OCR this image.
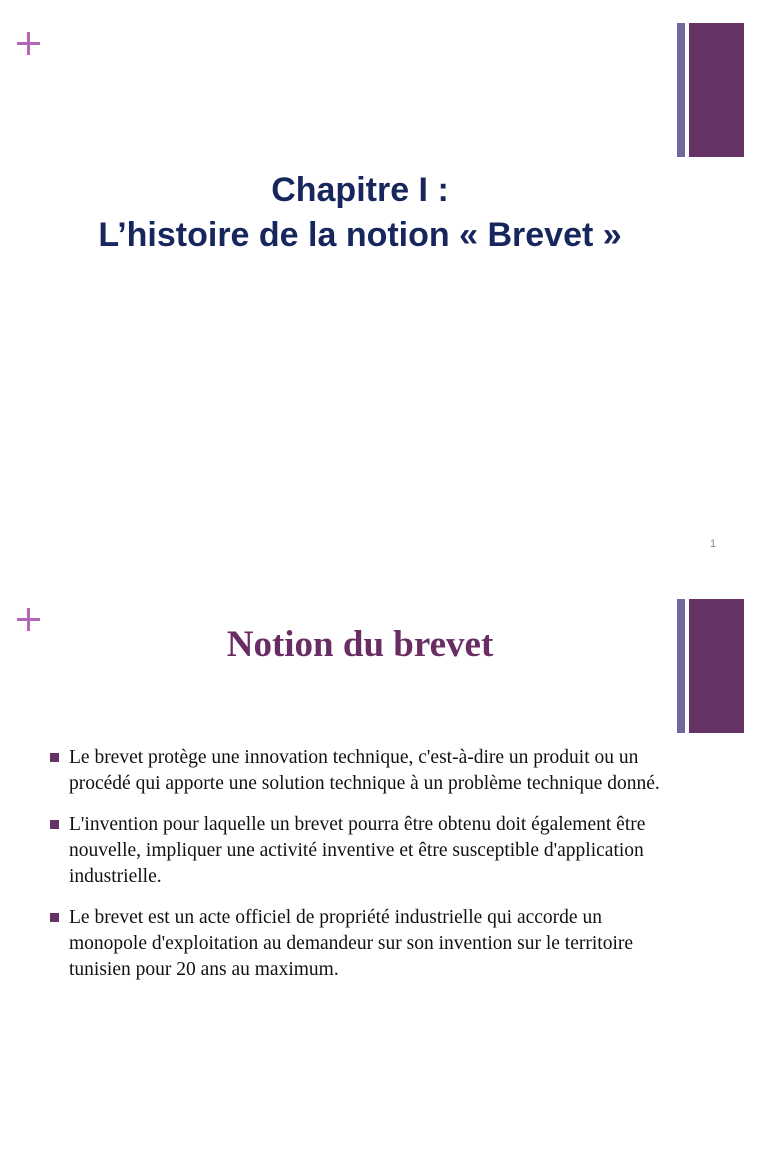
Chapitre I :
L’histoire de la notion « Brevet »
1
Notion du brevet
Le brevet protège une innovation technique, c'est-à-dire un produit ou un procédé qui apporte une solution technique à un problème technique donné.
L'invention pour laquelle un brevet pourra être obtenu doit également être nouvelle, impliquer une activité inventive et être susceptible d'application industrielle.
Le brevet est un acte officiel de propriété industrielle qui accorde un monopole d'exploitation au demandeur sur son invention sur le territoire tunisien pour 20 ans au maximum.
